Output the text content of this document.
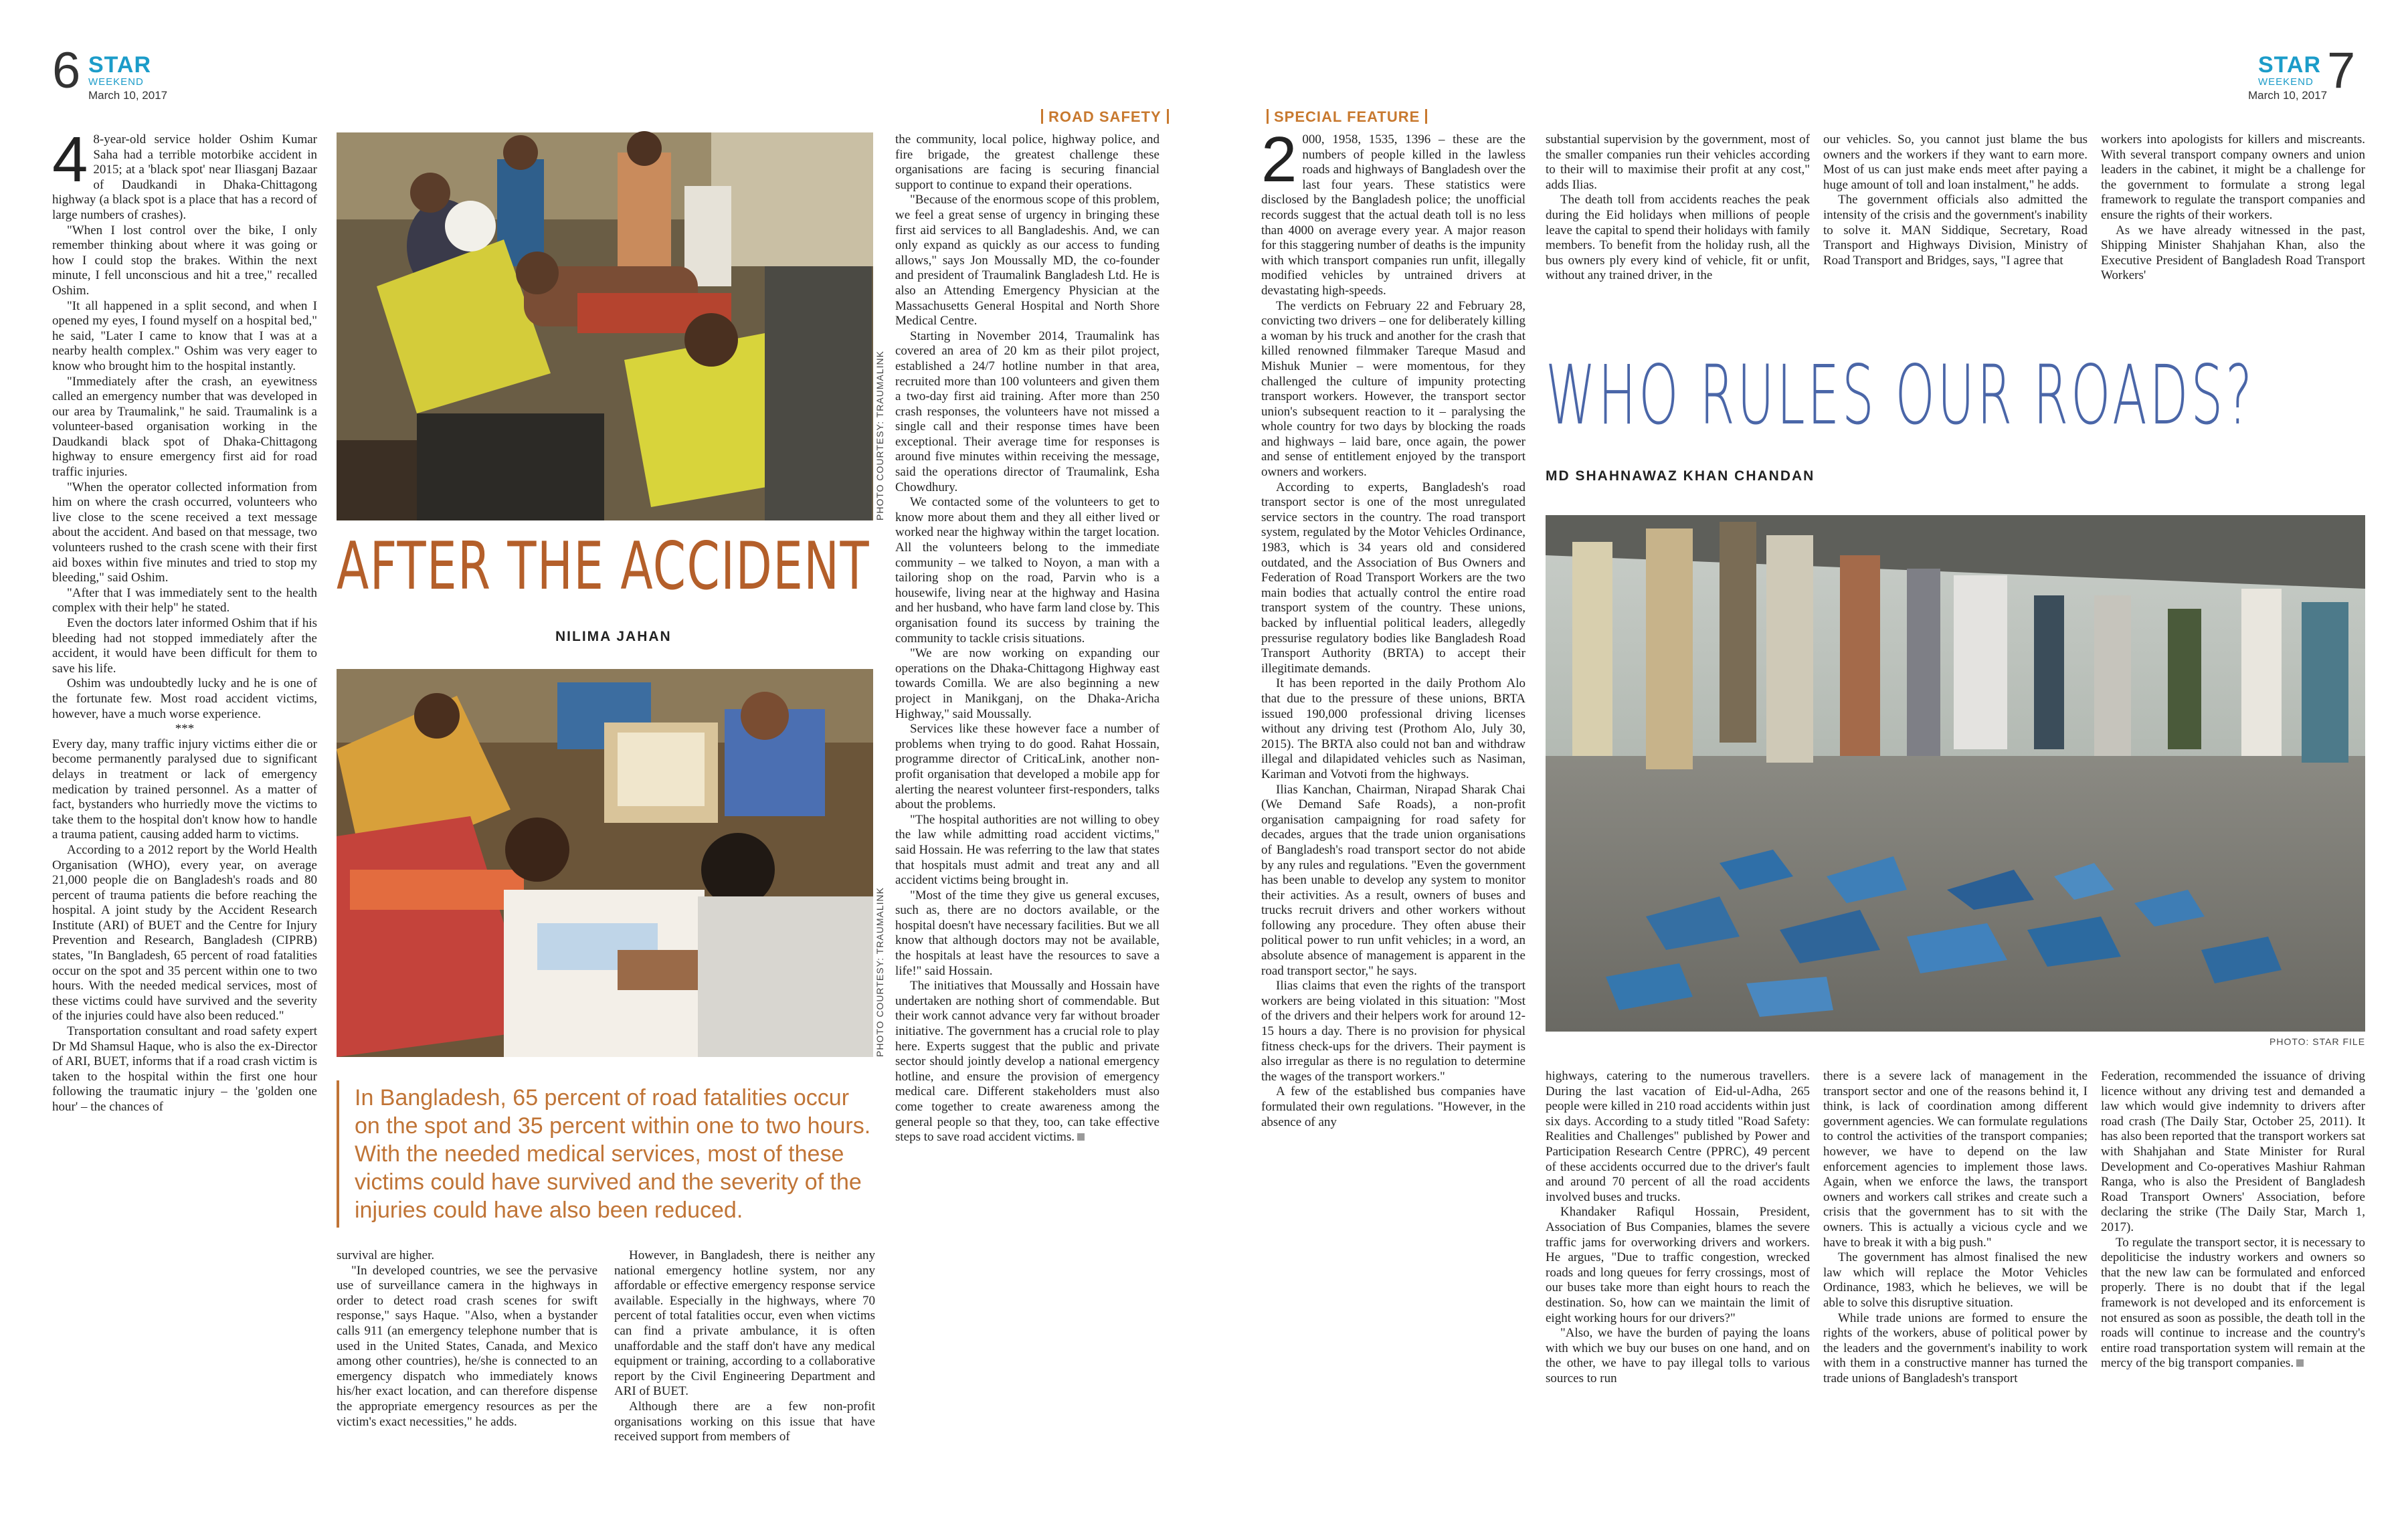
6 STAR
WEEKEND
March 10, 2017
ROAD SAFETY
PHOTO COURTESY: TRAUMALINK
AFTER THE ACCIDENT
NILIMA JAHAN
PHOTO COURTESY: TRAUMALINK
In Bangladesh, 65 percent of road fatalities occur on the spot and 35 percent within one to two hours. With the needed medical services, most of these victims could have survived and the severity of the injuries could have also been reduced.

4 8-year-old service holder Oshim Kumar Saha had a terrible motorbike accident in 2015; at a 'black spot' near Iliasganj Bazaar of Daudkandi in Dhaka-Chittagong highway (a black spot is a place that has a record of large numbers of crashes).

"When I lost control over the bike, I only remember thinking about where it was going or how I could stop the brakes. Within the next minute, I fell unconscious and hit a tree," recalled Oshim.

"It all happened in a split second, and when I opened my eyes, I found myself on a hospital bed," he said, "Later I came to know that I was at a nearby health complex." Oshim was very eager to know who brought him to the hospital instantly.

"Immediately after the crash, an eyewitness called an emergency number that was developed in our area by Traumalink," he said. Traumalink is a volunteer-based organisation working in the Daudkandi black spot of Dhaka-Chittagong highway to ensure emergency first aid for road traffic injuries.

"When the operator collected information from him on where the crash occurred, volunteers who live close to the scene received a text message about the accident. And based on that message, two volunteers rushed to the crash scene with their first aid boxes within five minutes and tried to stop my bleeding," said Oshim.

"After that I was immediately sent to the health complex with their help" he stated.

Even the doctors later informed Oshim that if his bleeding had not stopped immediately after the accident, it would have been difficult for them to save his life.

Oshim was undoubtedly lucky and he is one of the fortunate few. Most road accident victims, however, have a much worse experience.

***

Every day, many traffic injury victims either die or become permanently paralysed due to significant delays in treatment or lack of emergency medication by trained personnel. As a matter of fact, bystanders who hurriedly move the victims to take them to the hospital don't know how to handle a trauma patient, causing added harm to victims.

According to a 2012 report by the World Health Organisation (WHO), every year, on average 21,000 people die on Bangladesh's roads and 80 percent of trauma patients die before reaching the hospital. A joint study by the Accident Research Institute (ARI) of BUET and the Centre for Injury Prevention and Research, Bangladesh (CIPRB) states, "In Bangladesh, 65 percent of road fatalities occur on the spot and 35 percent within one to two hours. With the needed medical services, most of these victims could have survived and the severity of the injuries could have also been reduced."

Transportation consultant and road safety expert Dr Md Shamsul Haque, who is also the ex-Director of ARI, BUET, informs that if a road crash victim is taken to the hospital within the first one hour following the traumatic injury – the 'golden one hour' – the chances of

survival are higher.

"In developed countries, we see the pervasive use of surveillance camera in the highways in order to detect road crash scenes for swift response," says Haque. "Also, when a bystander calls 911 (an emergency telephone number that is used in the United States, Canada, and Mexico among other countries), he/she is connected to an emergency dispatch who immediately knows his/her exact location, and can therefore dispense the appropriate emergency resources as per the victim's exact necessities," he adds.

However, in Bangladesh, there is neither any national emergency hotline system, nor any affordable or effective emergency response service available. Especially in the highways, where 70 percent of total fatalities occur, even when victims can find a private ambulance, it is often unaffordable and the staff don't have any medical equipment or training, according to a collaborative report by the Civil Engineering Department and ARI of BUET.

Although there are a few non-profit organisations working on this issue that have received support from members of

the community, local police, highway police, and fire brigade, the greatest challenge these organisations are facing is securing financial support to continue to expand their operations.

"Because of the enormous scope of this problem, we feel a great sense of urgency in bringing these first aid services to all Bangladeshis. And, we can only expand as quickly as our access to funding allows," says Jon Moussally MD, the co-founder and president of Traumalink Bangladesh Ltd. He is also an Attending Emergency Physician at the Massachusetts General Hospital and North Shore Medical Centre.

Starting in November 2014, Traumalink has covered an area of 20 km as their pilot project, established a 24/7 hotline number in that area, recruited more than 100 volunteers and given them a two-day first aid training. After more than 250 crash responses, the volunteers have not missed a single call and their response times have been exceptional. Their average time for responses is around five minutes within receiving the message, said the operations director of Traumalink, Esha Chowdhury.

We contacted some of the volunteers to get to know more about them and they all either lived or worked near the highway within the target location. All the volunteers belong to the immediate community – we talked to Noyon, a man with a tailoring shop on the road, Parvin who is a housewife, living near at the highway and Hasina and her husband, who have farm land close by. This organisation found its success by training the community to tackle crisis situations.

"We are now working on expanding our operations on the Dhaka-Chittagong Highway east towards Comilla. We are also beginning a new project in Manikganj, on the Dhaka-Aricha Highway," said Moussally.

Services like these however face a number of problems when trying to do good. Rahat Hossain, programme director of CriticaLink, another non-profit organisation that developed a mobile app for alerting the nearest volunteer first-responders, talks about the problems.

"The hospital authorities are not willing to obey the law while admitting road accident victims," said Hossain. He was referring to the law that states that hospitals must admit and treat any and all accident victims being brought in.

"Most of the time they give us general excuses, such as, there are no doctors available, or the hospital doesn't have necessary facilities. But we all know that although doctors may not be available, the hospitals at least have the resources to save a life!" said Hossain.

The initiatives that Moussally and Hossain have undertaken are nothing short of commendable. But their work cannot advance very far without broader initiative. The government has a crucial role to play here. Experts suggest that the public and private sector should jointly develop a national emergency hotline, and ensure the provision of emergency medical care. Different stakeholders must also come together to create awareness among the general people so that they, too, can take effective steps to save road accident victims.

SPECIAL FEATURE
STAR
WEEKEND
March 10, 2017 7

2 000, 1958, 1535, 1396 – these are the numbers of people killed in the lawless roads and highways of Bangladesh over the last four years. These statistics were disclosed by the Bangladesh police; the unofficial records suggest that the actual death toll is no less than 4000 on average every year. A major reason for this staggering number of deaths is the impunity with which transport companies run unfit, illegally modified vehicles by untrained drivers at devastating high-speeds.

The verdicts on February 22 and February 28, convicting two drivers – one for deliberately killing a woman by his truck and another for the crash that killed renowned filmmaker Tareque Masud and Mishuk Munier – were momentous, for they challenged the culture of impunity protecting transport workers. However, the transport sector union's subsequent reaction to it – paralysing the whole country for two days by blocking the roads and highways – laid bare, once again, the power and sense of entitlement enjoyed by the transport owners and workers.

According to experts, Bangladesh's road transport sector is one of the most unregulated service sectors in the country. The road transport system, regulated by the Motor Vehicles Ordinance, 1983, which is 34 years old and considered outdated, and the Association of Bus Owners and Federation of Road Transport Workers are the two main bodies that actually control the entire road transport system of the country. These unions, backed by influential political leaders, allegedly pressurise regulatory bodies like Bangladesh Road Transport Authority (BRTA) to accept their illegitimate demands.

It has been reported in the daily Prothom Alo that due to the pressure of these unions, BRTA issued 190,000 professional driving licenses without any driving test (Prothom Alo, July 30, 2015). The BRTA also could not ban and withdraw illegal and dilapidated vehicles such as Nasiman, Kariman and Votvoti from the highways.

Ilias Kanchan, Chairman, Nirapad Sharak Chai (We Demand Safe Roads), a non-profit organisation campaigning for road safety for decades, argues that the trade union organisations of Bangladesh's road transport sector do not abide by any rules and regulations. "Even the government has been unable to develop any system to monitor their activities. As a result, owners of buses and trucks recruit drivers and other workers without following any procedure. They often abuse their political power to run unfit vehicles; in a word, an absolute absence of management is apparent in the road transport sector," he says.

Ilias claims that even the rights of the transport workers are being violated in this situation: "Most of the drivers and their helpers work for around 12-15 hours a day. There is no provision for physical fitness check-ups for the drivers. Their payment is also irregular as there is no regulation to determine the wages of the transport workers."

A few of the established bus companies have formulated their own regulations. "However, in the absence of any

substantial supervision by the government, most of the smaller companies run their vehicles according to their will to maximise their profit at any cost," adds Ilias.

The death toll from accidents reaches the peak during the Eid holidays when millions of people leave the capital to spend their holidays with family members. To benefit from the holiday rush, all the bus owners ply every kind of vehicle, fit or unfit, without any trained driver, in the

our vehicles. So, you cannot just blame the bus owners and the workers if they want to earn more. Most of us can just make ends meet after paying a huge amount of toll and loan instalment," he adds.

The government officials also admitted the intensity of the crisis and the government's inability to solve it. MAN Siddique, Secretary, Road Transport and Highways Division, Ministry of Road Transport and Bridges, says, "I agree that

workers into apologists for killers and miscreants. With several transport company owners and union leaders in the cabinet, it might be a challenge for the government to formulate a strong legal framework to regulate the transport companies and ensure the rights of their workers.

As we have already witnessed in the past, Shipping Minister Shahjahan Khan, also the Executive President of Bangladesh Road Transport Workers'

WHO RULES OUR ROADS?
MD SHAHNAWAZ KHAN CHANDAN
PHOTO: STAR FILE

highways, catering to the numerous travellers. During the last vacation of Eid-ul-Adha, 265 people were killed in 210 road accidents within just six days. According to a study titled "Road Safety: Realities and Challenges" published by Power and Participation Research Centre (PPRC), 49 percent of these accidents occurred due to the driver's fault and around 70 percent of all the road accidents involved buses and trucks.

Khandaker Rafiqul Hossain, President, Association of Bus Companies, blames the severe traffic jams for overworking drivers and workers. He argues, "Due to traffic congestion, wrecked roads and long queues for ferry crossings, most of our buses take more than eight hours to reach the destination. So, how can we maintain the limit of eight working hours for our drivers?"

"Also, we have the burden of paying the loans with which we buy our buses on one hand, and on the other, we have to pay illegal tolls to various sources to run

there is a severe lack of management in the transport sector and one of the reasons behind it, I think, is lack of coordination among different government agencies. We can formulate regulations to control the activities of the transport companies; however, we have to depend on the law enforcement agencies to implement those laws. Again, when we enforce the laws, the transport owners and workers call strikes and create such a crisis that the government has to sit with the owners. This is actually a vicious cycle and we have to break it with a big push."

The government has almost finalised the new law which will replace the Motor Vehicles Ordinance, 1983, which he believes, we will be able to solve this disruptive situation.

While trade unions are formed to ensure the rights of the workers, abuse of political power by the leaders and the government's inability to work with them in a constructive manner has turned the trade unions of Bangladesh's transport

Federation, recommended the issuance of driving licence without any driving test and demanded a law which would give indemnity to drivers after road crash (The Daily Star, October 25, 2011). It has also been reported that the transport workers sat with Shahjahan and State Minister for Rural Development and Co-operatives Mashiur Rahman Ranga, who is also the President of Bangladesh Road Transport Owners' Association, before declaring the strike (The Daily Star, March 1, 2017).

To regulate the transport sector, it is necessary to depoliticise the industry workers and owners so that the new law can be formulated and enforced properly. There is no doubt that if the legal framework is not developed and its enforcement is not ensured as soon as possible, the death toll in the roads will continue to increase and the country's entire road transportation system will remain at the mercy of the big transport companies.
